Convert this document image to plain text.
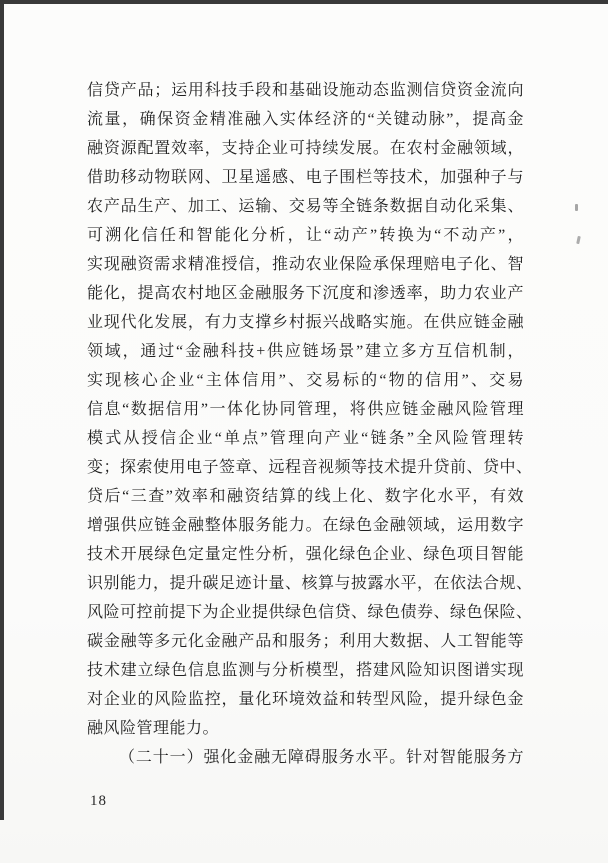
信贷产品；运用科技手段和基础设施动态监测信贷资金流向
流量，确保资金精准融入实体经济的“关键动脉”，提高金
融资源配置效率，支持企业可持续发展。在农村金融领域，
借助移动物联网、卫星遥感、电子围栏等技术，加强种子与
农产品生产、加工、运输、交易等全链条数据自动化采集、
可溯化信任和智能化分析，让“动产”转换为“不动产”，
实现融资需求精准授信，推动农业保险承保理赔电子化、智
能化，提高农村地区金融服务下沉度和渗透率，助力农业产
业现代化发展，有力支撑乡村振兴战略实施。在供应链金融
领域，通过“金融科技+供应链场景”建立多方互信机制，
实现核心企业“主体信用”、交易标的“物的信用”、交易
信息“数据信用”一体化协同管理，将供应链金融风险管理
模式从授信企业“单点”管理向产业“链条”全风险管理转
变；探索使用电子签章、远程音视频等技术提升贷前、贷中、
贷后“三查”效率和融资结算的线上化、数字化水平，有效
增强供应链金融整体服务能力。在绿色金融领域，运用数字
技术开展绿色定量定性分析，强化绿色企业、绿色项目智能
识别能力，提升碳足迹计量、核算与披露水平，在依法合规、
风险可控前提下为企业提供绿色信贷、绿色债券、绿色保险、
碳金融等多元化金融产品和服务；利用大数据、人工智能等
技术建立绿色信息监测与分析模型，搭建风险知识图谱实现
对企业的风险监控，量化环境效益和转型风险，提升绿色金
融风险管理能力。
（二十一）强化金融无障碍服务水平。针对智能服务方
18
